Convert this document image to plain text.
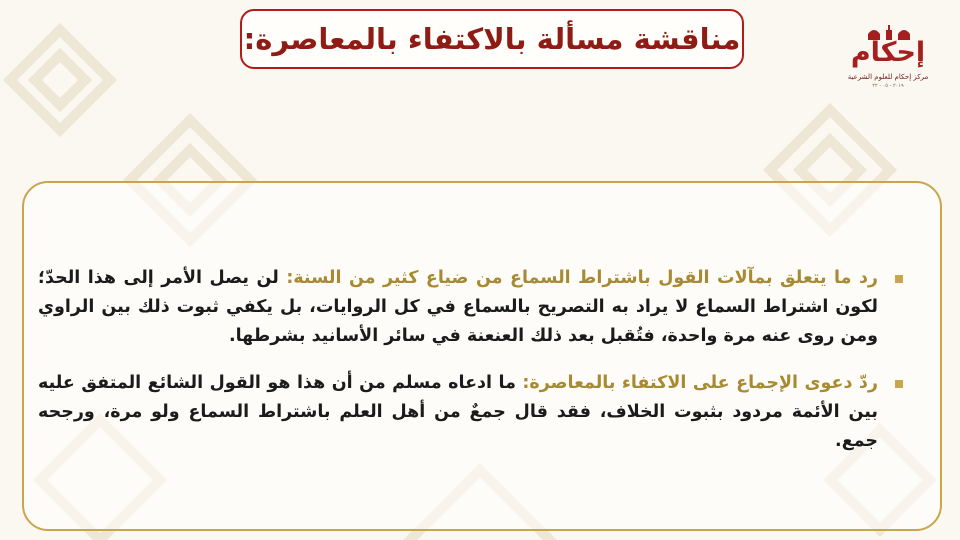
مناقشة مسألة بالاكتفاء بالمعاصرة:	إحكام
مركز إحكام للعلوم الشرعية
٢٠١٩ - ٠٥ - ٢٢
رد ما يتعلق بمآلات القول باشتراط السماع من ضياع كثير من السنة: لن يصل الأمر إلى هذا الحدّ؛ لكون اشتراط السماع لا يراد به التصريح بالسماع في كل الروايات، بل يكفي ثبوت ذلك بين الراوي ومن روى عنه مرة واحدة، فتُقبل بعد ذلك العنعنة في سائر الأسانيد بشرطها.
ردّ دعوى الإجماع على الاكتفاء بالمعاصرة: ما ادعاه مسلم من أن هذا هو القول الشائع المتفق عليه بين الأئمة مردود بثبوت الخلاف، فقد قال جمعٌ من أهل العلم باشتراط السماع ولو مرة، ورجحه جمع.
